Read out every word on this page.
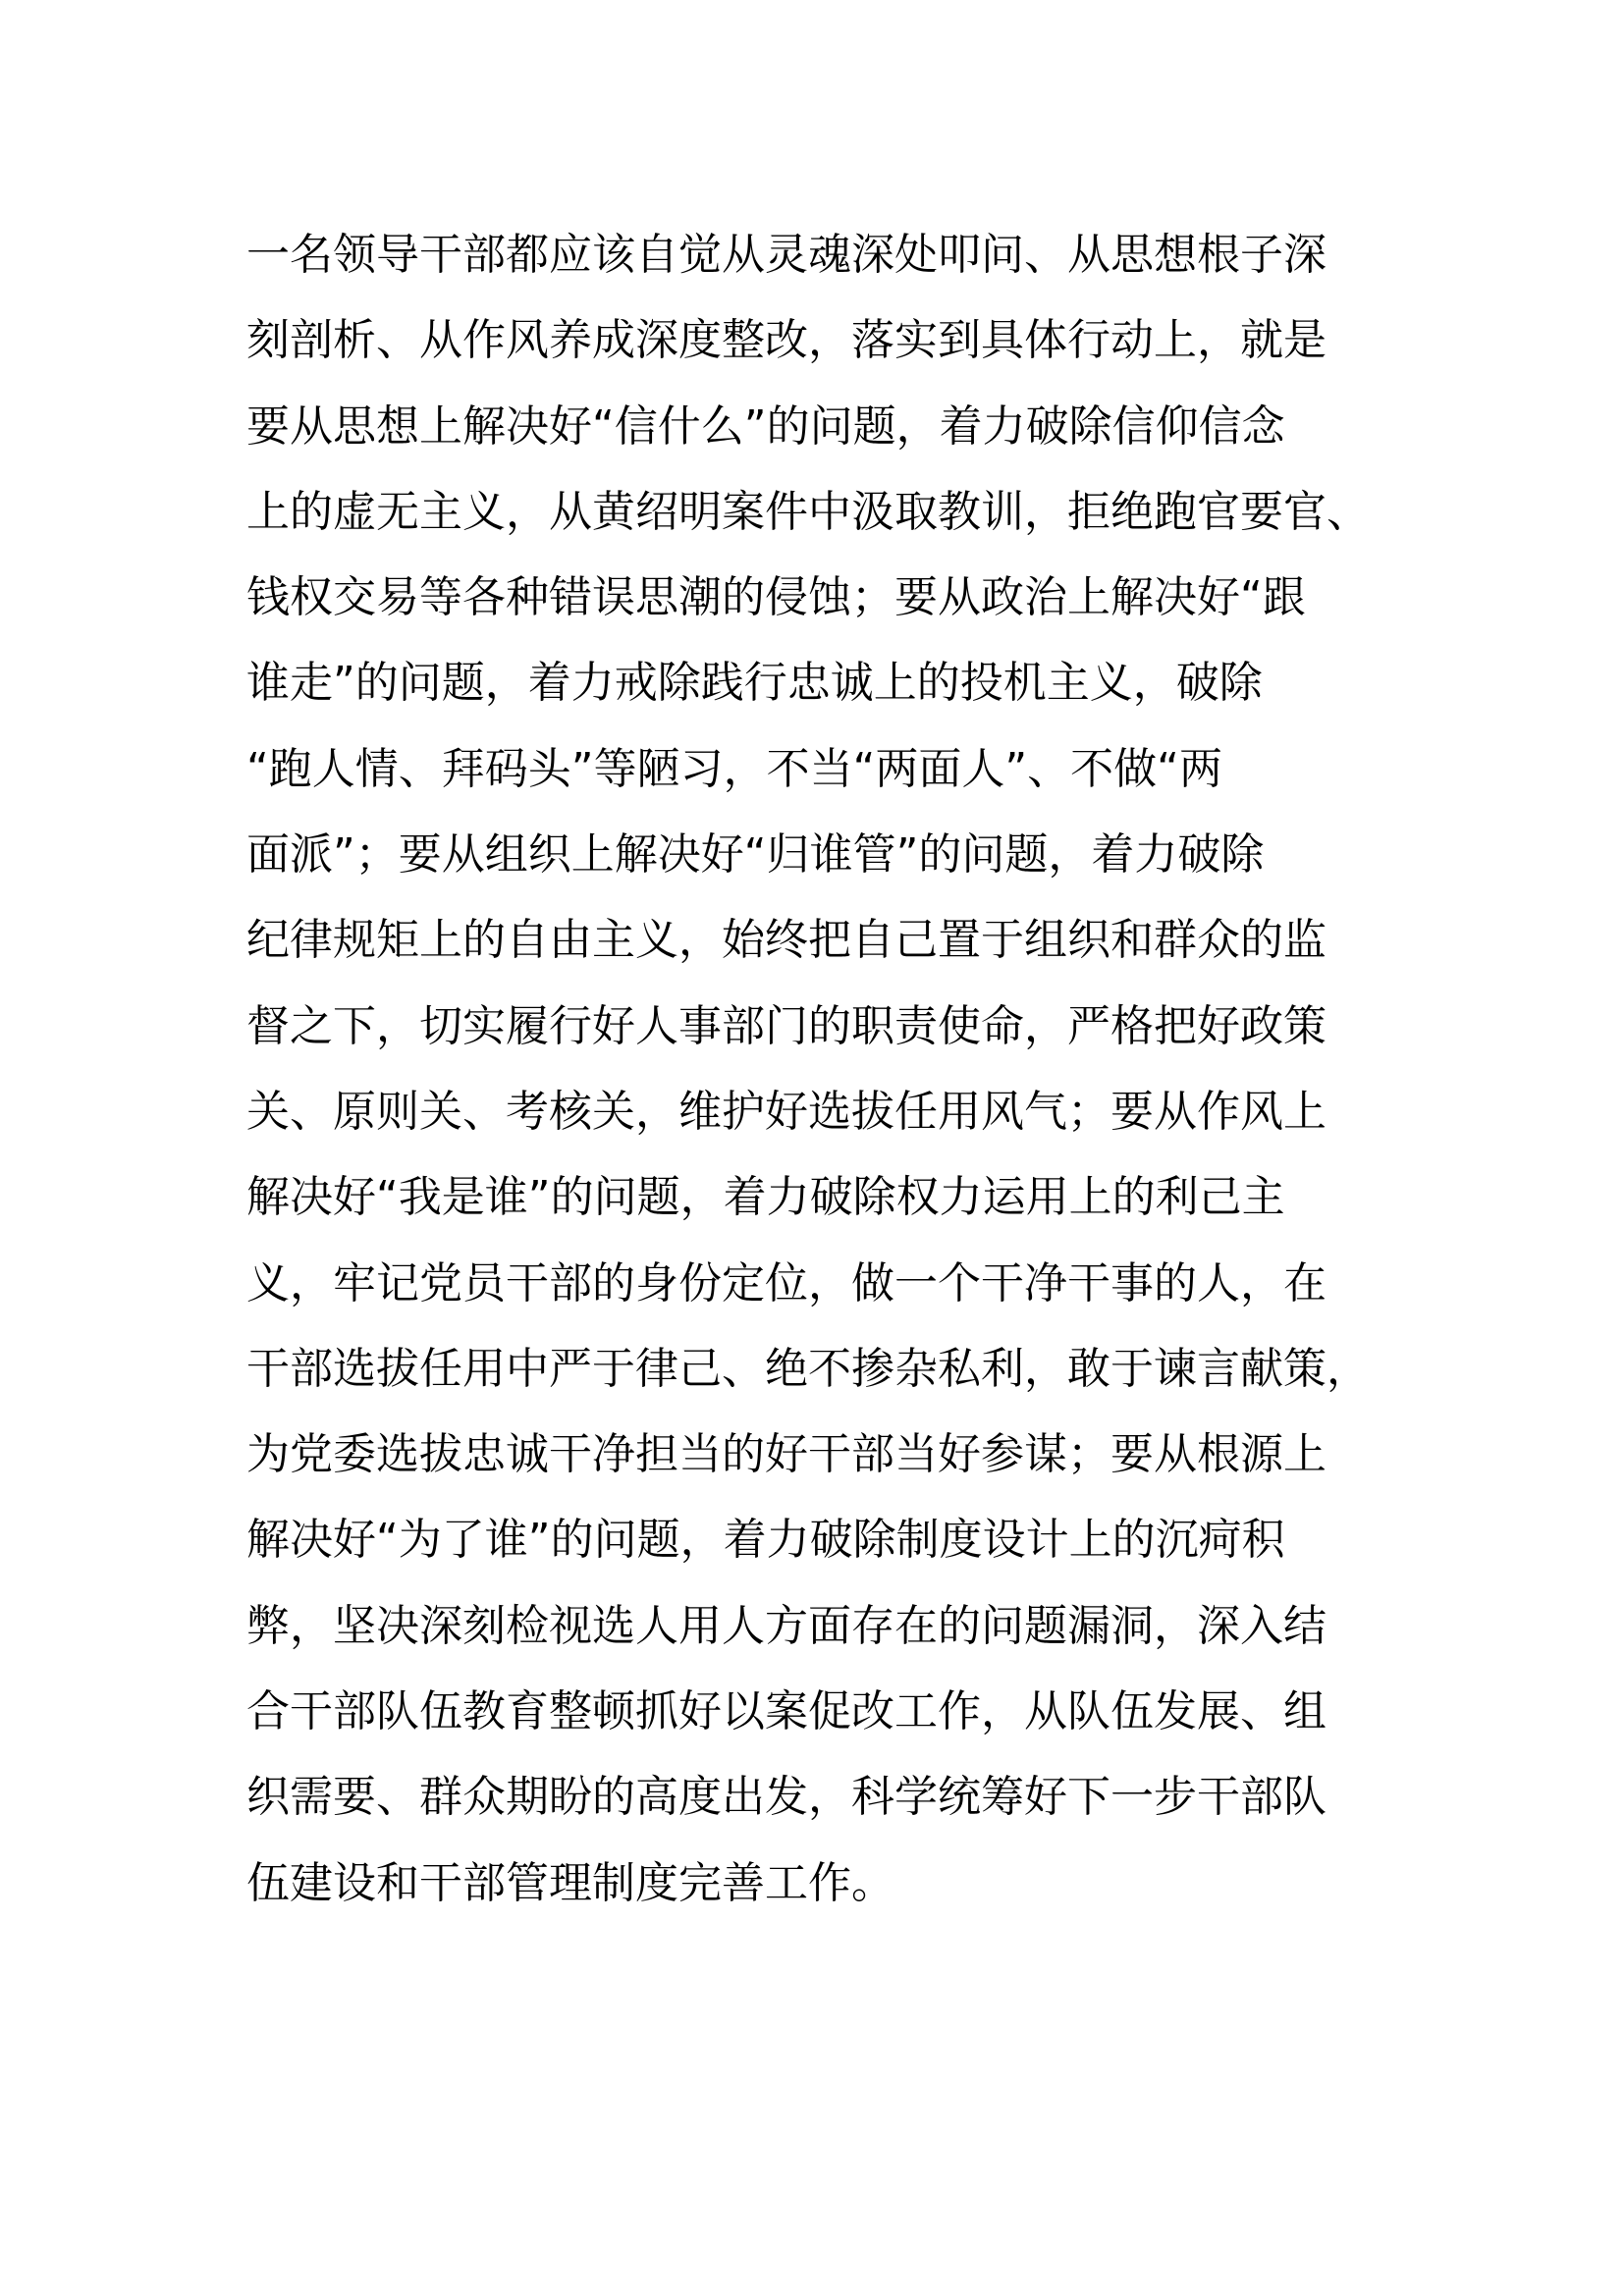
一名领导干部都应该自觉从灵魂深处叩问、从思想根子深
刻剖析、从作风养成深度整改，落实到具体行动上，就是
要从思想上解决好“信什么”的问题，着力破除信仰信念
上的虚无主义，从黄绍明案件中汲取教训，拒绝跑官要官、
钱权交易等各种错误思潮的侵蚀；要从政治上解决好“跟
谁走”的问题，着力戒除践行忠诚上的投机主义，破除
“跑人情、拜码头”等陋习，不当“两面人”、不做“两
面派”；要从组织上解决好“归谁管”的问题，着力破除
纪律规矩上的自由主义，始终把自己置于组织和群众的监
督之下，切实履行好人事部门的职责使命，严格把好政策
关、原则关、考核关，维护好选拔任用风气；要从作风上
解决好“我是谁”的问题，着力破除权力运用上的利己主
义，牢记党员干部的身份定位，做一个干净干事的人，在
干部选拔任用中严于律己、绝不掺杂私利，敢于谏言献策，
为党委选拔忠诚干净担当的好干部当好参谋；要从根源上
解决好“为了谁”的问题，着力破除制度设计上的沉疴积
弊，坚决深刻检视选人用人方面存在的问题漏洞，深入结
合干部队伍教育整顿抓好以案促改工作，从队伍发展、组
织需要、群众期盼的高度出发，科学统筹好下一步干部队
伍建设和干部管理制度完善工作。
